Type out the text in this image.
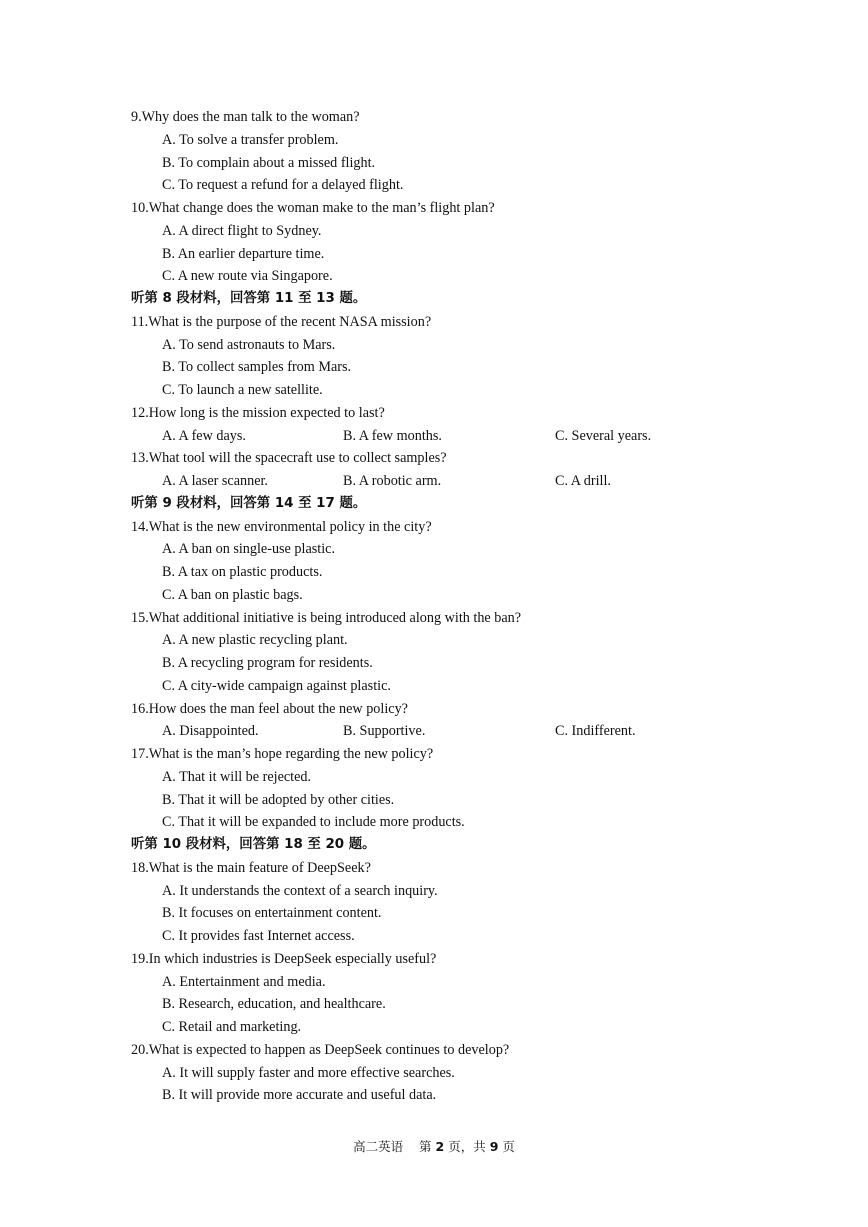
9.Why does the man talk to the woman?
A. To solve a transfer problem.
B. To complain about a missed flight.
C. To request a refund for a delayed flight.
10.What change does the woman make to the man’s flight plan?
A. A direct flight to Sydney.
B. An earlier departure time.
C. A new route via Singapore.
听第 8 段材料，回答第 11 至 13 题。
11.What is the purpose of the recent NASA mission?
A. To send astronauts to Mars.
B. To collect samples from Mars.
C. To launch a new satellite.
12.How long is the mission expected to last?
A. A few days.	B. A few months.	C. Several years.
13.What tool will the spacecraft use to collect samples?
A. A laser scanner.	B. A robotic arm.	C. A drill.
听第 9 段材料，回答第 14 至 17 题。
14.What is the new environmental policy in the city?
A. A ban on single-use plastic.
B. A tax on plastic products.
C. A ban on plastic bags.
15.What additional initiative is being introduced along with the ban?
A. A new plastic recycling plant.
B. A recycling program for residents.
C. A city-wide campaign against plastic.
16.How does the man feel about the new policy?
A. Disappointed.	B. Supportive.	C. Indifferent.
17.What is the man’s hope regarding the new policy?
A. That it will be rejected.
B. That it will be adopted by other cities.
C. That it will be expanded to include more products.
听第 10 段材料，回答第 18 至 20 题。
18.What is the main feature of DeepSeek?
A. It understands the context of a search inquiry.
B. It focuses on entertainment content.
C. It provides fast Internet access.
19.In which industries is DeepSeek especially useful?
A. Entertainment and media.
B. Research, education, and healthcare.
C. Retail and marketing.
20.What is expected to happen as DeepSeek continues to develop?
A. It will supply faster and more effective searches.
B. It will provide more accurate and useful data.
高二英语 第 2 页，共 9 页
